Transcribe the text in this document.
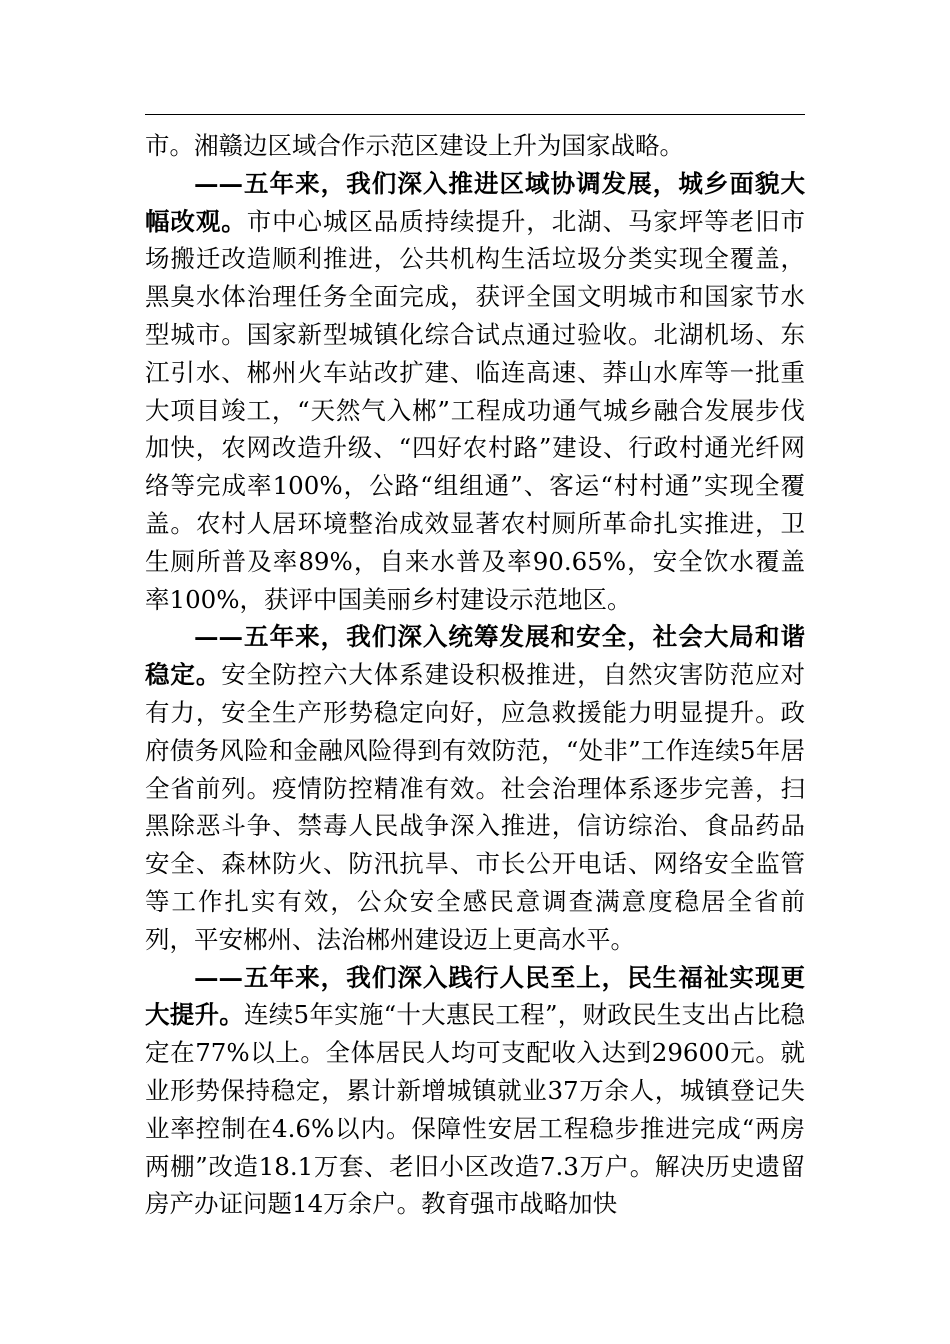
市。湘赣边区域合作示范区建设上升为国家战略。

——五年来，我们深入推进区域协调发展，城乡面貌大幅改观。市中心城区品质持续提升，北湖、马家坪等老旧市场搬迁改造顺利推进，公共机构生活垃圾分类实现全覆盖，黑臭水体治理任务全面完成，获评全国文明城市和国家节水型城市。国家新型城镇化综合试点通过验收。北湖机场、东江引水、郴州火车站改扩建、临连高速、莽山水库等一批重大项目竣工，“天然气入郴”工程成功通气城乡融合发展步伐加快，农网改造升级、“四好农村路”建设、行政村通光纤网络等完成率100%，公路“组组通”、客运“村村通”实现全覆盖。农村人居环境整治成效显著农村厕所革命扎实推进，卫生厕所普及率89%，自来水普及率90.65%，安全饮水覆盖率100%，获评中国美丽乡村建设示范地区。

——五年来，我们深入统筹发展和安全，社会大局和谐稳定。安全防控六大体系建设积极推进，自然灾害防范应对有力，安全生产形势稳定向好，应急救援能力明显提升。政府债务风险和金融风险得到有效防范，“处非”工作连续5年居全省前列。疫情防控精准有效。社会治理体系逐步完善，扫黑除恶斗争、禁毒人民战争深入推进，信访综治、食品药品安全、森林防火、防汛抗旱、市长公开电话、网络安全监管等工作扎实有效，公众安全感民意调查满意度稳居全省前列，平安郴州、法治郴州建设迈上更高水平。

——五年来，我们深入践行人民至上，民生福祉实现更大提升。连续5年实施“十大惠民工程”，财政民生支出占比稳定在77%以上。全体居民人均可支配收入达到29600元。就业形势保持稳定，累计新增城镇就业37万余人，城镇登记失业率控制在4.6%以内。保障性安居工程稳步推进完成“两房两棚”改造18.1万套、老旧小区改造7.3万户。解决历史遗留房产办证问题14万余户。教育强市战略加快
